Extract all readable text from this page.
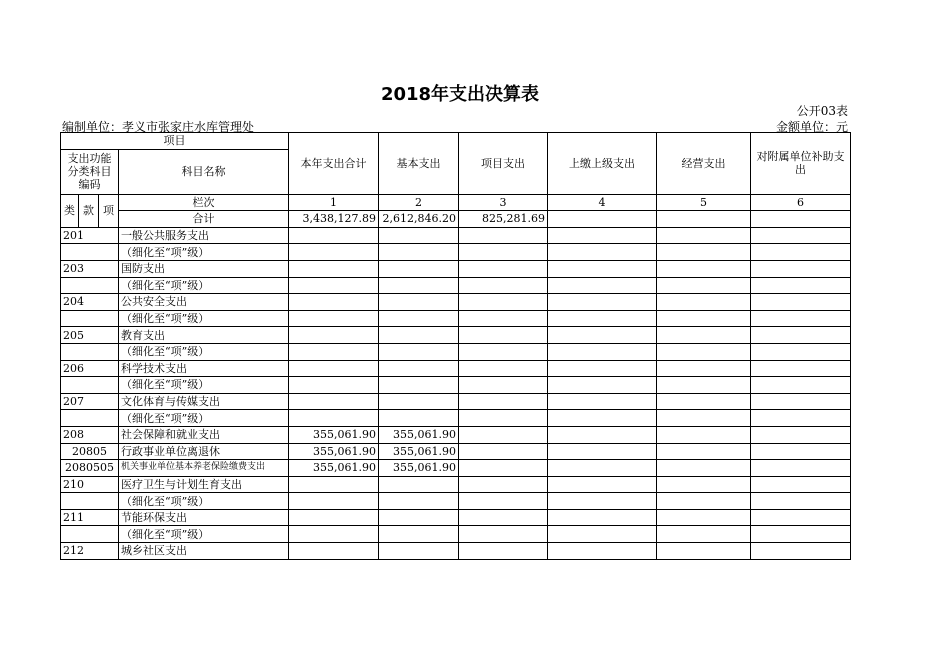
2018年支出决算表
公开03表
编制单位：孝义市张家庄水库管理处	金额单位：元
项目				本年支出合计	基本支出	项目支出	上缴上级支出	经营支出	对附属单位补助支出
支出功能分类科目编码			科目名称						

类	款	项							
			栏次	1	2	3	4	5	6
			合计	3,438,127.89	2,612,846.20	825,281.69			
201			一般公共服务支出						
			（细化至“项”级）						
203			国防支出						
			（细化至“项”级）						
204			公共安全支出						
			（细化至“项”级）						
205			教育支出						
			（细化至“项”级）						
206			科学技术支出						
			（细化至“项”级）						
207			文化体育与传媒支出						
			（细化至“项”级）						
208			社会保障和就业支出	355,061.90	355,061.90				
20805			行政事业单位离退休	355,061.90	355,061.90				
2080505			机关事业单位基本养老保险缴费支出	355,061.90	355,061.90				
210			医疗卫生与计划生育支出						
			（细化至“项”级）						
211			节能环保支出						
			（细化至“项”级）						
212			城乡社区支出						
